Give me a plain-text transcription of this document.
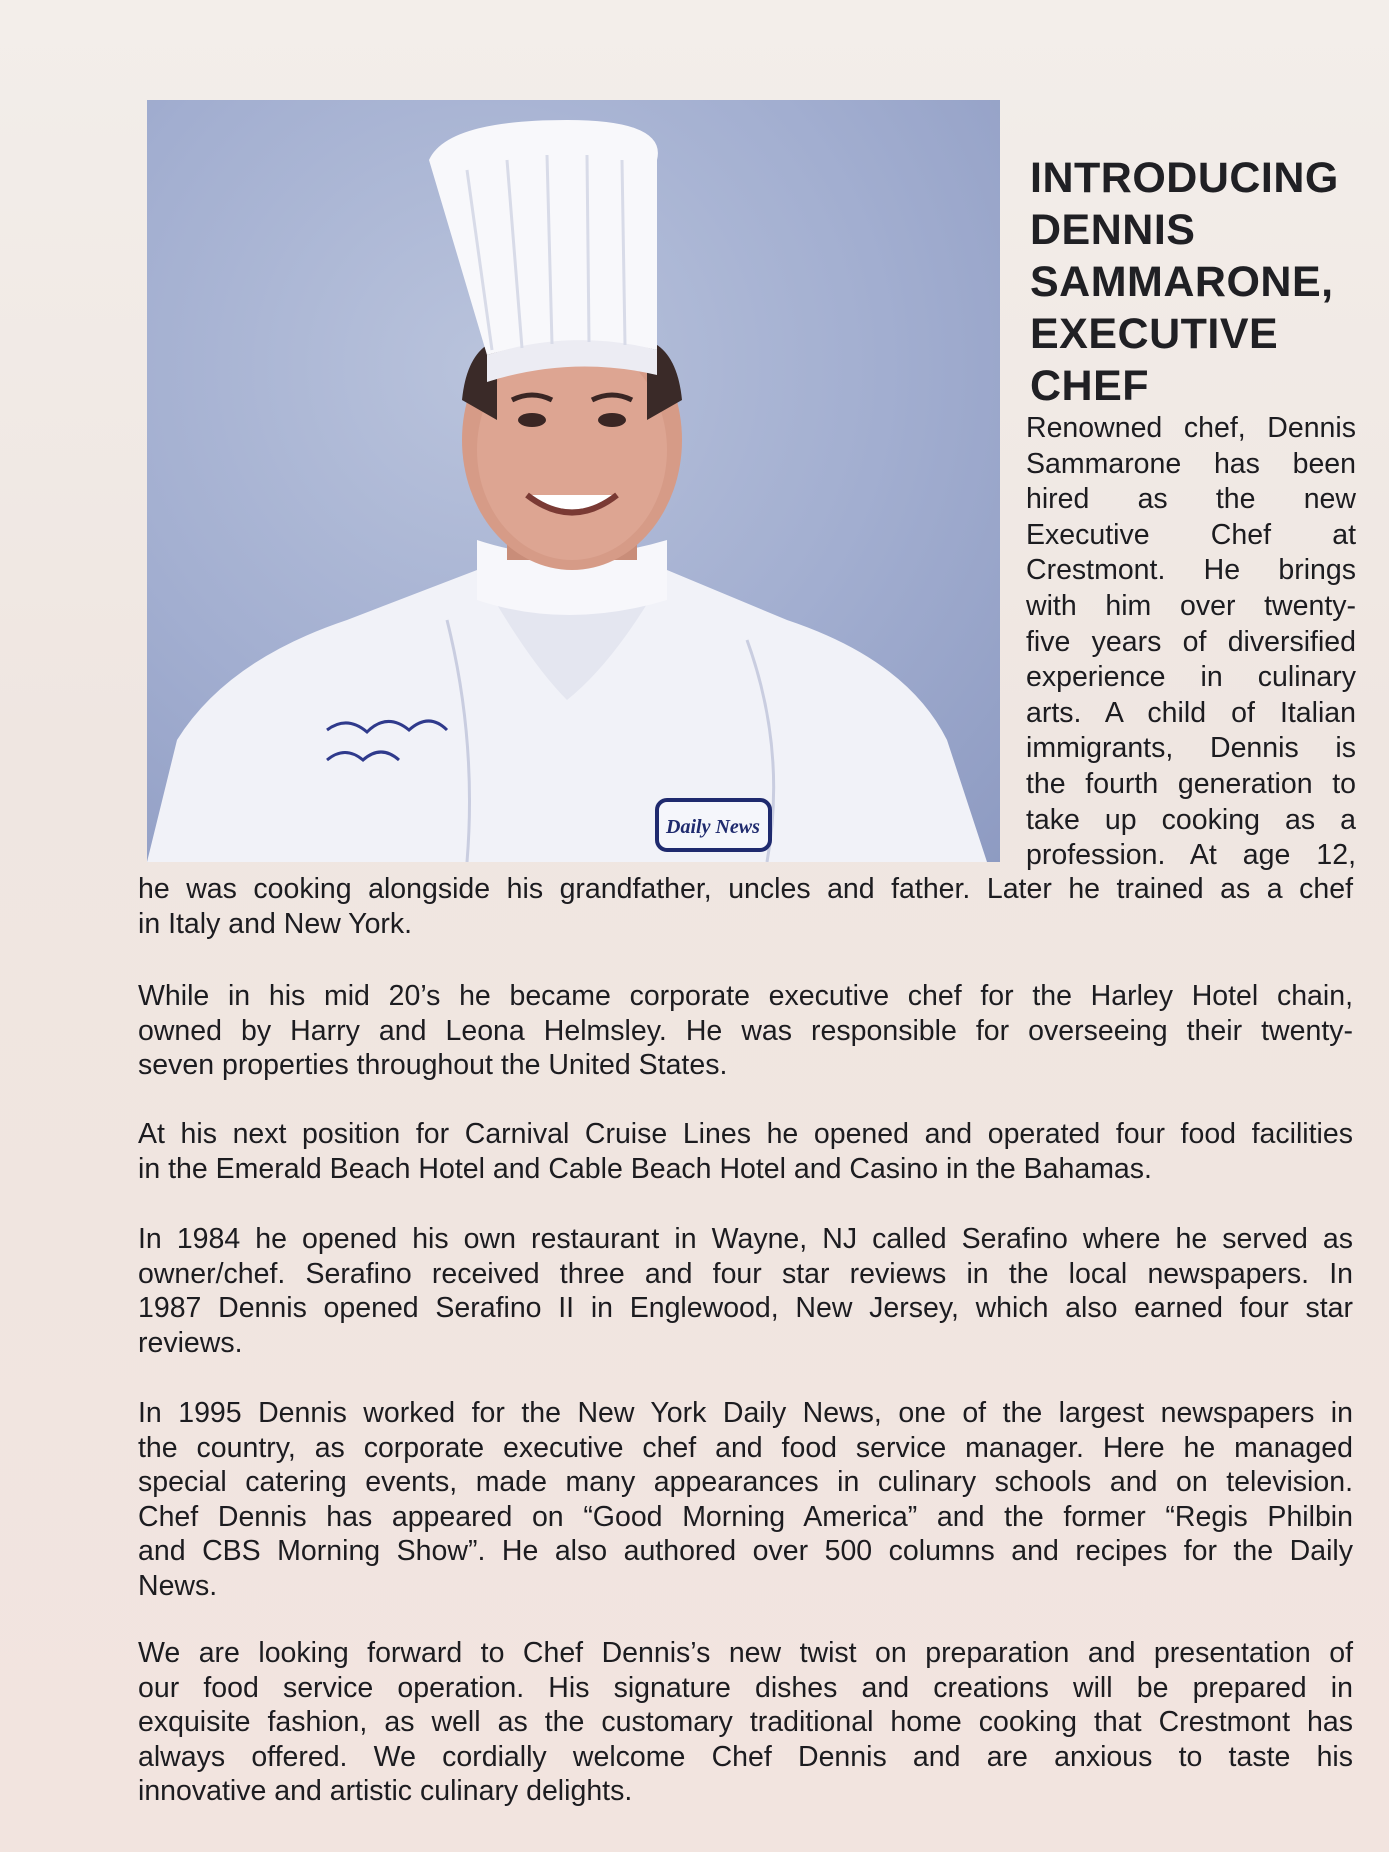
Daily News
INTRODUCING
DENNIS
SAMMARONE,
EXECUTIVE
CHEF
Renowned chef, Dennis
Sammarone has been
hired as the new
Executive Chef at
Crestmont. He brings
with him over twenty-
five years of diversified
experience in culinary
arts. A child of Italian
immigrants, Dennis is
the fourth generation to
take up cooking as a
profession. At age 12,
he was cooking alongside his grandfather, uncles and father. Later he trained as a chef
in Italy and New York.
While in his mid 20’s he became corporate executive chef for the Harley Hotel chain,
owned by Harry and Leona Helmsley. He was responsible for overseeing their twenty-
seven properties throughout the United States.
At his next position for Carnival Cruise Lines he opened and operated four food facilities
in the Emerald Beach Hotel and Cable Beach Hotel and Casino in the Bahamas.
In 1984 he opened his own restaurant in Wayne, NJ called Serafino where he served as
owner/chef. Serafino received three and four star reviews in the local newspapers. In
1987 Dennis opened Serafino II in Englewood, New Jersey, which also earned four star
reviews.
In 1995 Dennis worked for the New York Daily News, one of the largest newspapers in
the country, as corporate executive chef and food service manager. Here he managed
special catering events, made many appearances in culinary schools and on television.
Chef Dennis has appeared on “Good Morning America” and the former “Regis Philbin
and CBS Morning Show”. He also authored over 500 columns and recipes for the Daily
News.
We are looking forward to Chef Dennis’s new twist on preparation and presentation of
our food service operation. His signature dishes and creations will be prepared in
exquisite fashion, as well as the customary traditional home cooking that Crestmont has
always offered. We cordially welcome Chef Dennis and are anxious to taste his
innovative and artistic culinary delights.
